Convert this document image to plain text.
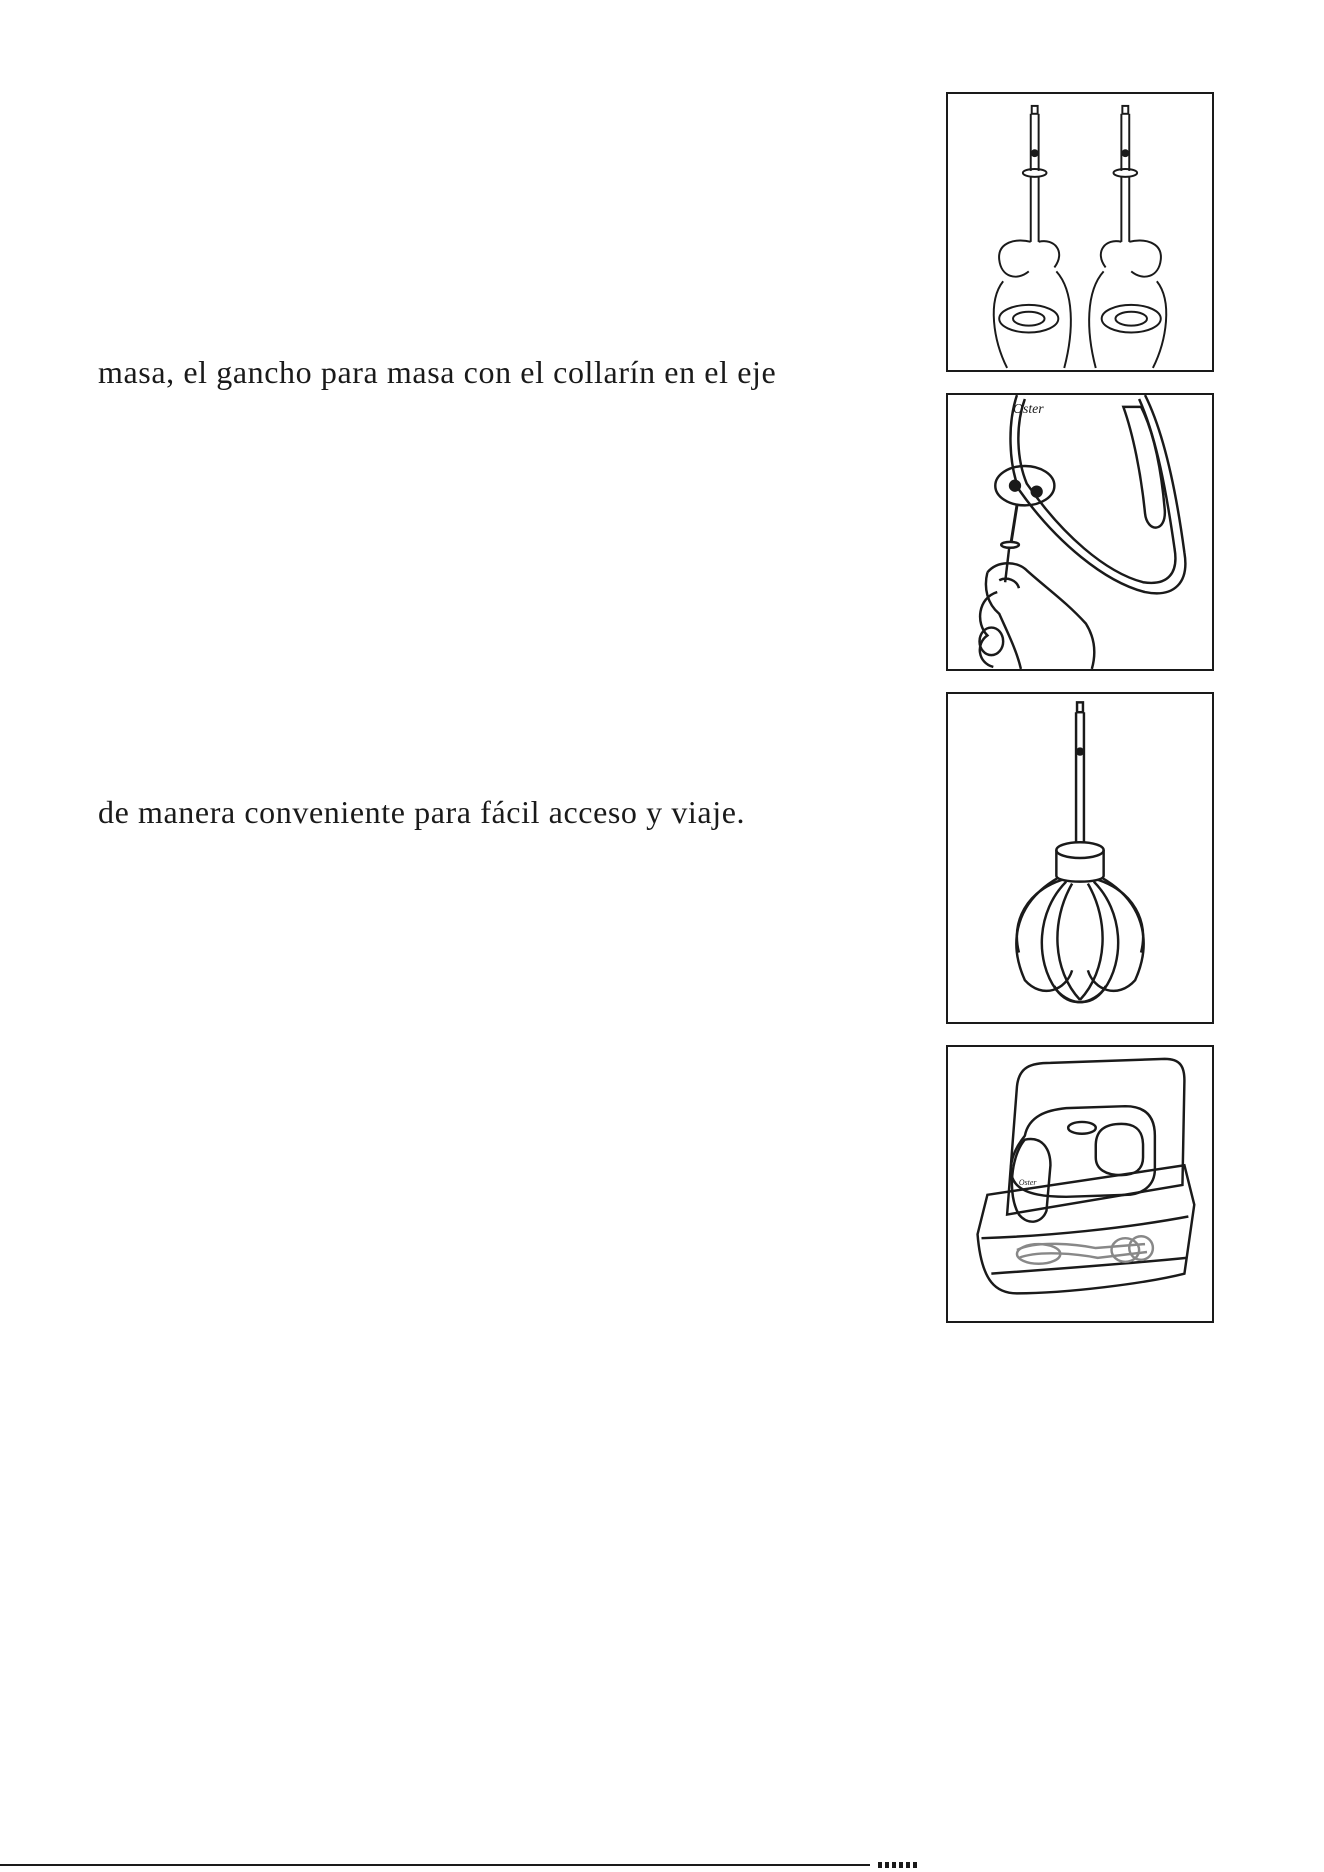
masa, el gancho para masa con el collarín en el eje
de manera conveniente para fácil acceso y viaje.
Oster
Oster
